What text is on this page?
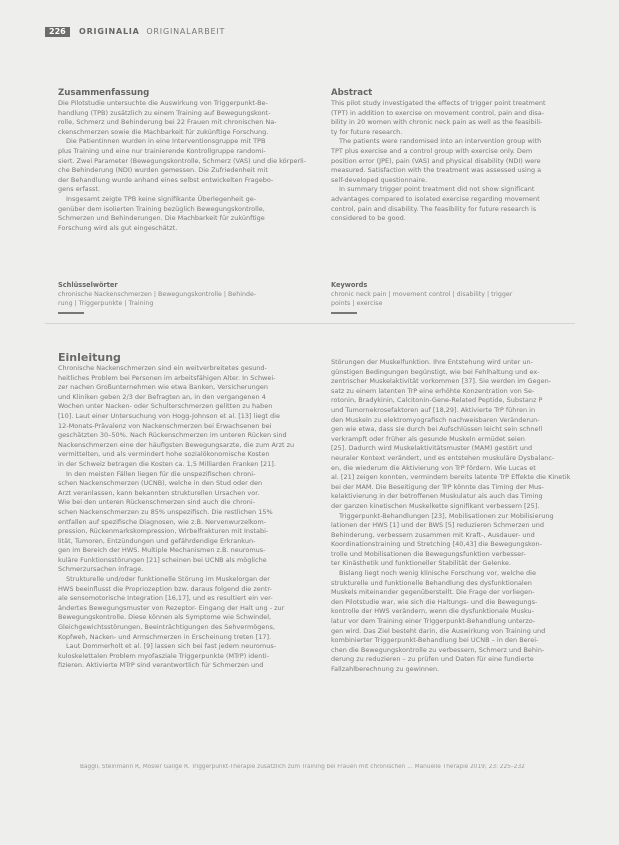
226	ORIGINALIA ORIGINALARBEIT

Zusammenfassung

Die Pilotstudie untersuchte die Auswirkung von Triggerpunkt-Be-

handlung (TPB) zusätzlich zu einem Training auf Bewegungskont-

rolle, Schmerz und Behinderung bei 22 Frauen mit chronischen Na-

ckenschmerzen sowie die Machbarkeit für zukünftige Forschung.

Die Patientinnen wurden in eine Interventionsgruppe mit TPB

plus Training und eine nur trainierende Kontrollgruppe randomi-

siert. Zwei Parameter (Bewegungskontrolle, Schmerz (VAS) und die körperli-

che Behinderung (NDI) wurden gemessen. Die Zufriedenheit mit

der Behandlung wurde anhand eines selbst entwickelten Fragebo-

gens erfasst.

Insgesamt zeigte TPB keine signifikante Überlegenheit ge-

genüber dem isolierten Training bezüglich Bewegungskontrolle,

Schmerzen und Behinderungen. Die Machbarkeit für zukünftige

Forschung wird als gut eingeschätzt.

Abstract

This pilot study investigated the effects of trigger point treatment

(TPT) in addition to exercise on movement control, pain and disa-

bility in 20 women with chronic neck pain as well as the feasibili-

ty for future research.

The patients were randomised into an intervention group with

TPT plus exercise and a control group with exercise only. Dem

position error (JPE), pain (VAS) and physical disability (NDI) were

measured. Satisfaction with the treatment was assessed using a

self-developed questionnaire.

In summary trigger point treatment did not show significant

advantages compared to isolated exercise regarding movement

control, pain and disability. The feasibility for future research is

considered to be good.

Schlüsselwörter

chronische Nackenschmerzen | Bewegungskontrolle | Behinde-

rung | Triggerpunkte | Training

Keywords

chronic neck pain | movement control | disability | trigger

points | exercise

Einleitung

Chronische Nackenschmerzen sind ein weitverbreitetes gesund-

heitliches Problem bei Personen im arbeitsfähigen Alter. In Schwei-

zer nachen Großunternehmen wie etwa Banken, Versicherungen

und Kliniken geben 2/3 der Befragten an, in den vergangenen 4

Wochen unter Nacken- oder Schulterschmerzen gelitten zu haben

[10]. Laut einer Untersuchung von Hogg-Johnson et al. [13] liegt die

12-Monats-Prävalenz von Nackenschmerzen bei Erwachsenen bei

geschätzten 30–50%. Nach Rückenschmerzen im unteren Rücken sind

Nackenschmerzen eine der häufigsten Bewegungsarzte, die zum Arzt zu

vermittelten, und als vermindert hohe sozialökonomische Kosten

in der Schweiz betragen die Kosten ca. 1,5 Milliarden Franken [21].

In den meisten Fällen liegen für die unspezifischen chroni-

schen Nackenschmerzen (UCNB), welche in den Stud oder den

Arzt veranlassen, kann bekannten strukturellen Ursachen vor.

Wie bei den unteren Rückenschmerzen sind auch die chroni-

schen Nackenschmerzen zu 85% unspezifisch. Die restlichen 15%

entfallen auf spezifische Diagnosen, wie z.B. Nervenwurzelkom-

pression, Rückenmarkskompression, Wirbelfrakturen mit Instabi-

lität, Tumoren, Entzündungen und gefährdendige Erkrankun-

gen im Bereich der HWS. Multiple Mechanismen z.B. neuromus-

kuläre Funktionsstörungen [21] scheinen bei UCNB als mögliche

Schmerzursachen infrage.

Strukturelle und/oder funktionelle Störung im Muskelorgan der

HWS beeinflusst die Propriozeption bzw. daraus folgend die zentr-

ale sensomotorische Integration [16,17], und es resultiert ein ver-

ändertes Bewegungsmuster von Rezeptor- Eingang der Halt ung - zur

Bewegungskontrolle. Diese können als Symptome wie Schwindel,

Gleichgewichtsstörungen, Beeinträchtigungen des Sehvermögens,

Kopfweh, Nacken- und Armschmerzen in Erscheinung treten [17].

Laut Dommerholt et al. [9] lassen sich bei fast jedem neuromus-

kuloskelettalen Problem myofasziale Triggerpunkte (MTrP) identi-

fizieren. Aktivierte MTrP sind verantwortlich für Schmerzen und

Störungen der Muskelfunktion. Ihre Entstehung wird unter un-

günstigen Bedingungen begünstigt, wie bei Fehlhaltung und ex-

zentrischer Muskelaktivität vorkommen [37]. Sie werden im Gegen-

satz zu einem latenten TrP eine erhöhte Konzentration von Se-

rotonin, Bradykinin, Calcitonin-Gene-Related Peptide, Substanz P

und Tumornekrosefaktoren auf [18,29]. Aktivierte TrP führen in

den Muskeln zu elektromyografisch nachweisbaren Veränderun-

gen wie etwa, dass sie durch bei Aufschlüssen leicht sein schnell

verkrampft oder früher als gesunde Muskeln ermüdet seien

[25]. Dadurch wird Muskelaktivitätsmuster (MAM) gestört und

neuraler Kontext verändert, und es entstehen muskuläre Dysbalanc-

en, die wiederum die Aktivierung von TrP fördern. Wie Lucas et

al. [21] zeigen konnten, vermindern bereits latente TrP Effekte die Kinetik

bei der MAM. Die Beseitigung der TrP könnte das Timing der Mus-

kelaktivierung in der betroffenen Muskulatur als auch das Timing

der ganzen kinetischen Muskelkette signifikant verbessern [25].

Triggerpunkt-Behandlungen [23], Mobilisationen zur Mobilisierung

lationen der HWS [1] und der BWS [5] reduzieren Schmerzen und

Behinderung, verbessern zusammen mit Kraft-, Ausdauer- und

Koordinationstraining und Stretching [40,43] die Bewegungskon-

trolle und Mobilisationen die Bewegungsfunktion verbesser-

ter Kinästhetik und funktioneller Stabilität der Gelenke.

Bislang liegt noch wenig klinische Forschung vor, welche die

strukturelle und funktionelle Behandlung des dysfunktionalen

Muskels miteinander gegenüberstellt. Die Frage der vorliegen-

den Pilotstudie war, wie sich die Haltungs- und die Bewegungs-

kontrolle der HWS verändern, wenn die dysfunktionale Musku-

latur vor dem Training einer Triggerpunkt-Behandlung unterzo-

gen wird. Das Ziel besteht darin, die Auswirkung von Training und

kombinierter Triggerpunkt-Behandlung bei UCNB – in den Berei-

chen die Bewegungskontrolle zu verbessern, Schmerz und Behin-

derung zu reduzieren – zu prüfen und Daten für eine fundierte

Fallzahlberechnung zu gewinnen.

Baggli, Steinmann R, Mosler Gallge R. Triggerpunkt-Therapie zusätzlich zum Training bei Frauen mit chronischen ... Manuelle Therapie 2019; 23: 225–232
